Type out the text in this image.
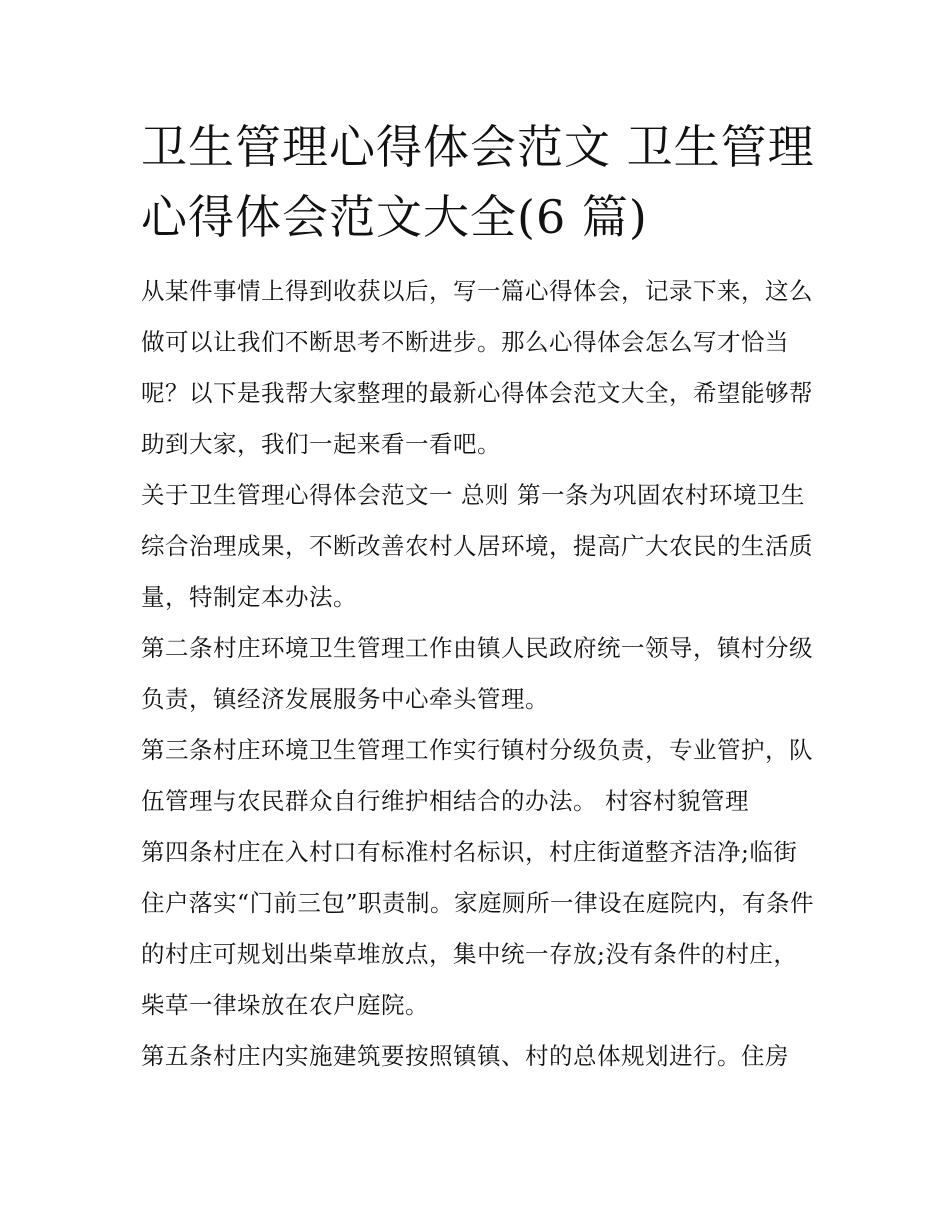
卫生管理心得体会范文 卫生管理心得体会范文大全(6 篇)

从某件事情上得到收获以后，写一篇心得体会，记录下来，这么做可以让我们不断思考不断进步。那么心得体会怎么写才恰当呢？以下是我帮大家整理的最新心得体会范文大全，希望能够帮助到大家，我们一起来看一看吧。

关于卫生管理心得体会范文一 总则 第一条为巩固农村环境卫生综合治理成果，不断改善农村人居环境，提高广大农民的生活质量，特制定本办法。

第二条村庄环境卫生管理工作由镇人民政府统一领导，镇村分级负责，镇经济发展服务中心牵头管理。

第三条村庄环境卫生管理工作实行镇村分级负责，专业管护，队伍管理与农民群众自行维护相结合的办法。 村容村貌管理

第四条村庄在入村口有标准村名标识，村庄街道整齐洁净;临街住户落实“门前三包”职责制。家庭厕所一律设在庭院内，有条件的村庄可规划出柴草堆放点，集中统一存放;没有条件的村庄，柴草一律垛放在农户庭院。

第五条村庄内实施建筑要按照镇镇、村的总体规划进行。住房
